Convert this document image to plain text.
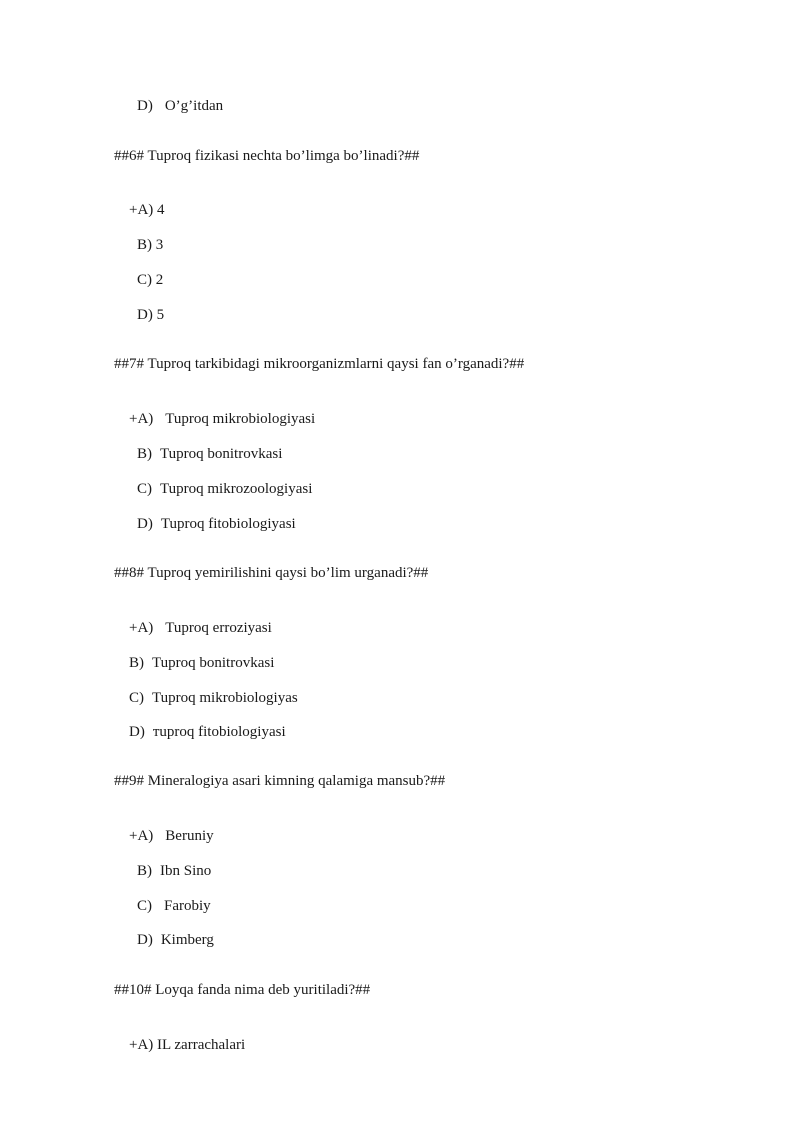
D) O’g’itdan

##6# Tuproq fizikasi nechta bo’limga bo’linadi?##

+A) 4

B) 3

C) 2

D) 5

##7# Tuproq tarkibidagi mikroorganizmlarni qaysi fan o’rganadi?##

+A) Tuproq mikrobiologiyasi

B) Tuproq bonitrovkasi

C) Tuproq mikrozoologiyasi

D) Tuproq fitobiologiyasi

##8# Tuproq yemirilishini qaysi bo’lim urganadi?##

+A) Tuproq erroziyasi

B) Tuproq bonitrovkasi

C) Tuproq mikrobiologiyas

D) тuproq fitobiologiyasi

##9# Mineralogiya asari kimning qalamiga mansub?##

+A) Beruniy

B) Ibn Sino

C) Farobiy

D) Kimberg

##10# Loyqa fanda nima deb yuritiladi?##

+A) IL zarrachalari
